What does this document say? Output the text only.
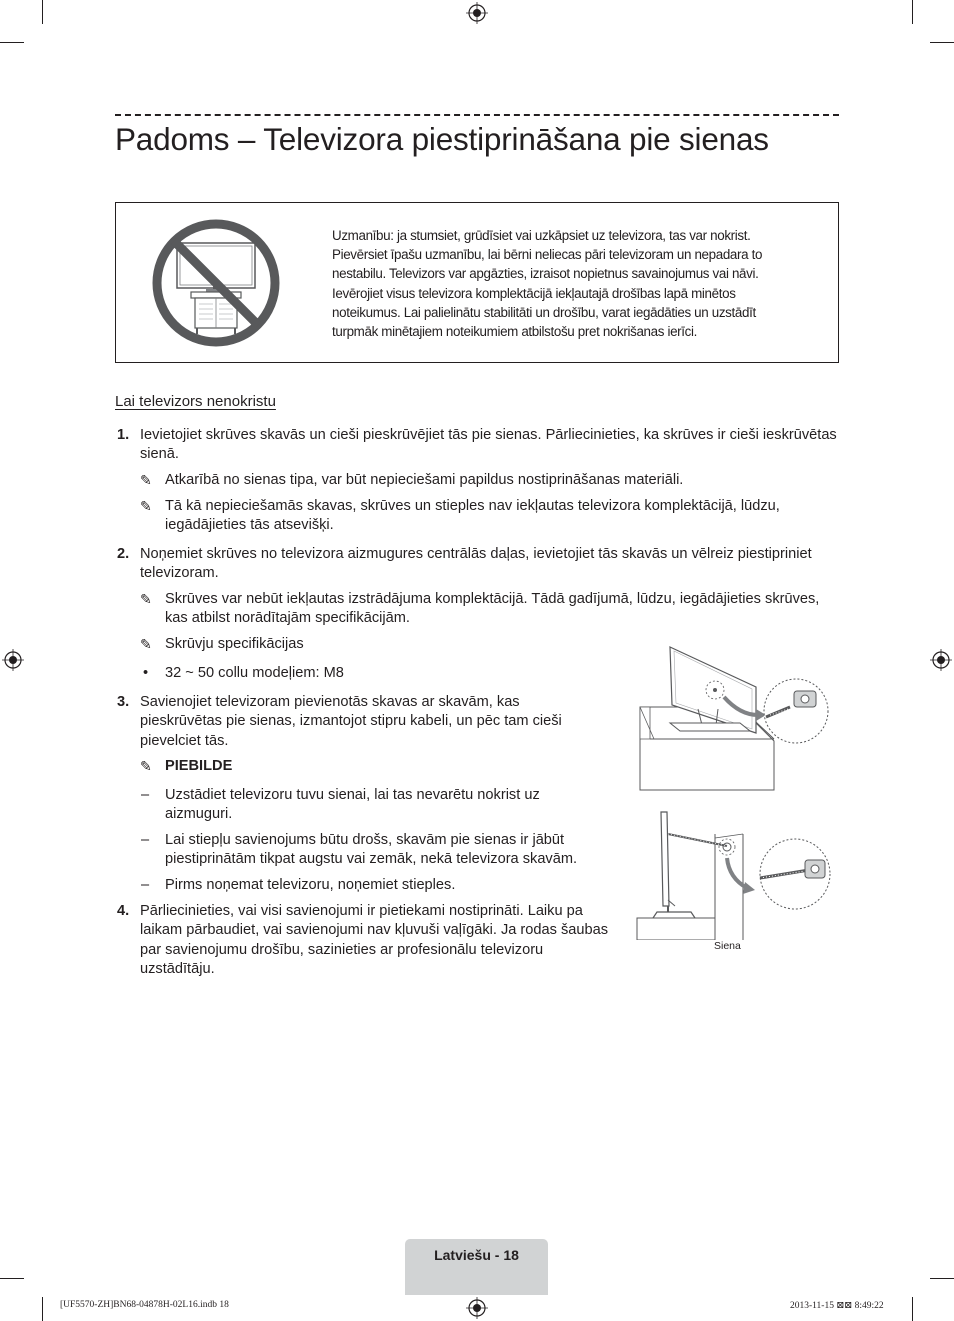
Padoms – Televizora piestiprināšana pie sienas
Uzmanību: ja stumsiet, grūdīsiet vai uzkāpsiet uz televizora, tas var nokrist. Pievērsiet īpašu uzmanību, lai bērni neliecas pāri televizoram un nepadara to nestabilu. Televizors var apgāzties, izraisot nopietnus savainojumus vai nāvi. Ievērojiet visus televizora komplektācijā iekļautajā drošības lapā minētos noteikumus. Lai palielinātu stabilitāti un drošību, varat iegādāties un uzstādīt turpmāk minētajiem noteikumiem atbilstošu pret nokrišanas ierīci.
Lai televizors nenokristu
1. Ievietojiet skrūves skavās un cieši pieskrūvējiet tās pie sienas. Pārliecinieties, ka skrūves ir cieši ieskrūvētas sienā.
✎ Atkarībā no sienas tipa, var būt nepieciešami papildus nostiprināšanas materiāli.
✎ Tā kā nepieciešamās skavas, skrūves un stieples nav iekļautas televizora komplektācijā, lūdzu, iegādājieties tās atsevišķi.
2. Noņemiet skrūves no televizora aizmugures centrālās daļas, ievietojiet tās skavās un vēlreiz piestipriniet televizoram.
✎ Skrūves var nebūt iekļautas izstrādājuma komplektācijā. Tādā gadījumā, lūdzu, iegādājieties skrūves, kas atbilst norādītajām specifikācijām.
✎ Skrūvju specifikācijas
• 32 ~ 50 collu modeļiem: M8
3. Savienojiet televizoram pievienotās skavas ar skavām, kas pieskrūvētas pie sienas, izmantojot stipru kabeli, un pēc tam cieši pievelciet tās.
✎ PIEBILDE
– Uzstādiet televizoru tuvu sienai, lai tas nevarētu nokrist uz aizmuguri.
– Lai stiepļu savienojums būtu drošs, skavām pie sienas ir jābūt piestiprinātām tikpat augstu vai zemāk, nekā televizora skavām.
– Pirms noņemat televizoru, noņemiet stieples.
4. Pārliecinieties, vai visi savienojumi ir pietiekami nostiprināti. Laiku pa laikam pārbaudiet, vai savienojumi nav kļuvuši vaļīgāki. Ja rodas šaubas par savienojumu drošību, sazinieties ar profesionālu televizoru uzstādītāju.
Siena
Latviešu - 18
[UF5570-ZH]BN68-04878H-02L16.indb 18	2013-11-15 ⊠⊠ 8:49:22
